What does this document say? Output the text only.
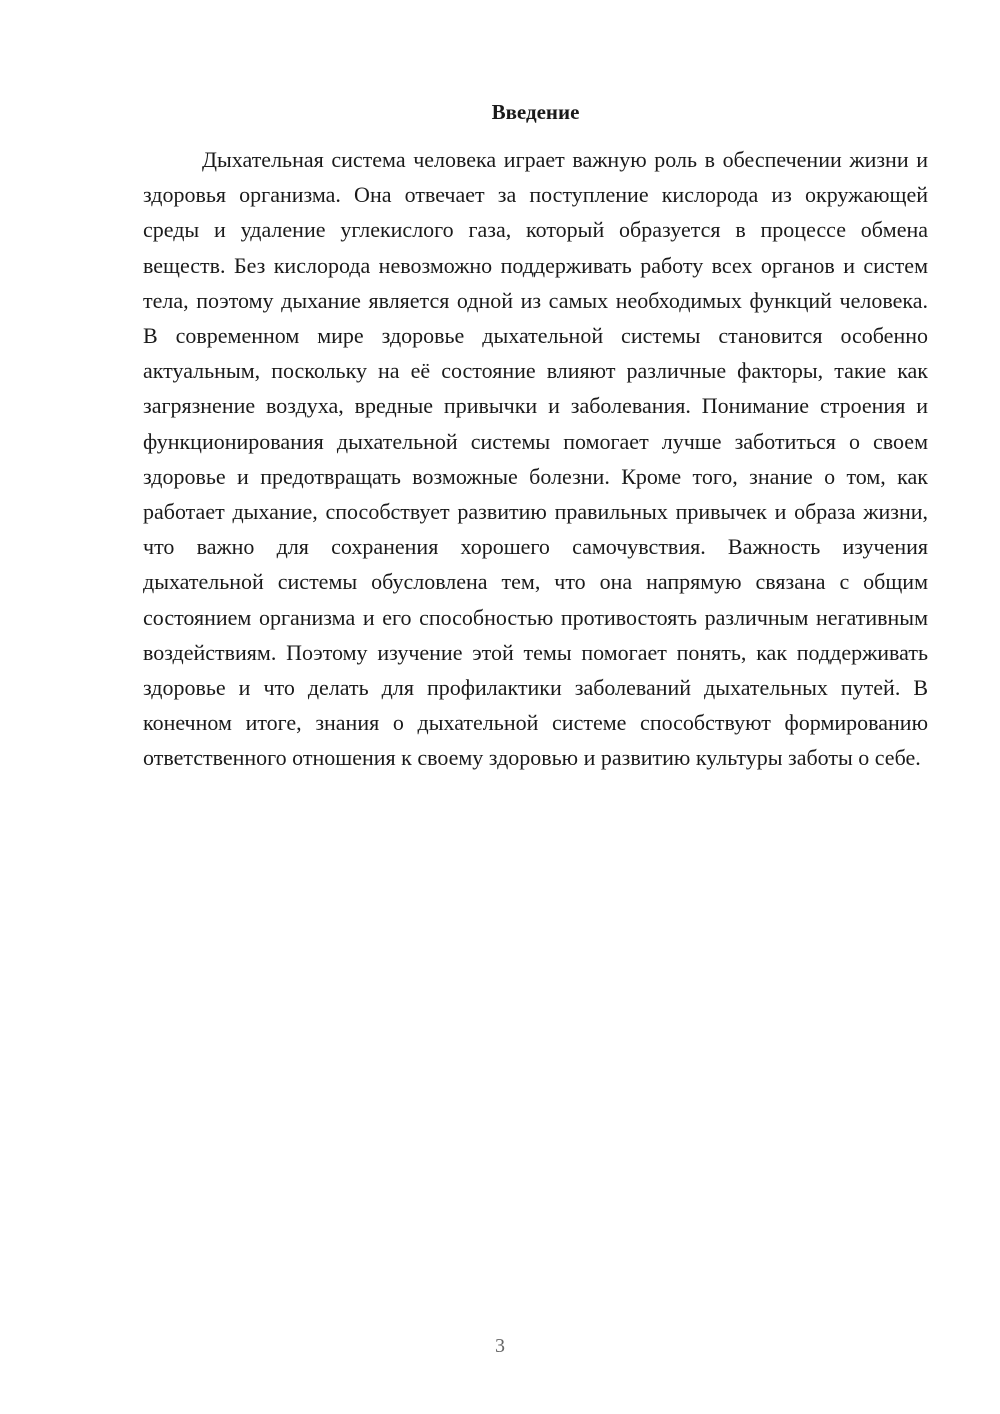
Введение

Дыхательная система человека играет важную роль в обеспечении жизни и здоровья организма. Она отвечает за поступление кислорода из окружающей среды и удаление углекислого газа, который образуется в процессе обмена веществ. Без кислорода невозможно поддерживать работу всех органов и систем тела, поэтому дыхание является одной из самых необходимых функций человека. В современном мире здоровье дыхательной системы становится особенно актуальным, поскольку на её состояние влияют различные факторы, такие как загрязнение воздуха, вредные привычки и заболевания. Понимание строения и функционирования дыхательной системы помогает лучше заботиться о своем здоровье и предотвращать возможные болезни. Кроме того, знание о том, как работает дыхание, способствует развитию правильных привычек и образа жизни, что важно для сохранения хорошего самочувствия. Важность изучения дыхательной системы обусловлена тем, что она напрямую связана с общим состоянием организма и его способностью противостоять различным негативным воздействиям. Поэтому изучение этой темы помогает понять, как поддерживать здоровье и что делать для профилактики заболеваний дыхательных путей. В конечном итоге, знания о дыхательной системе способствуют формированию ответственного отношения к своему здоровью и развитию культуры заботы о себе.

3
